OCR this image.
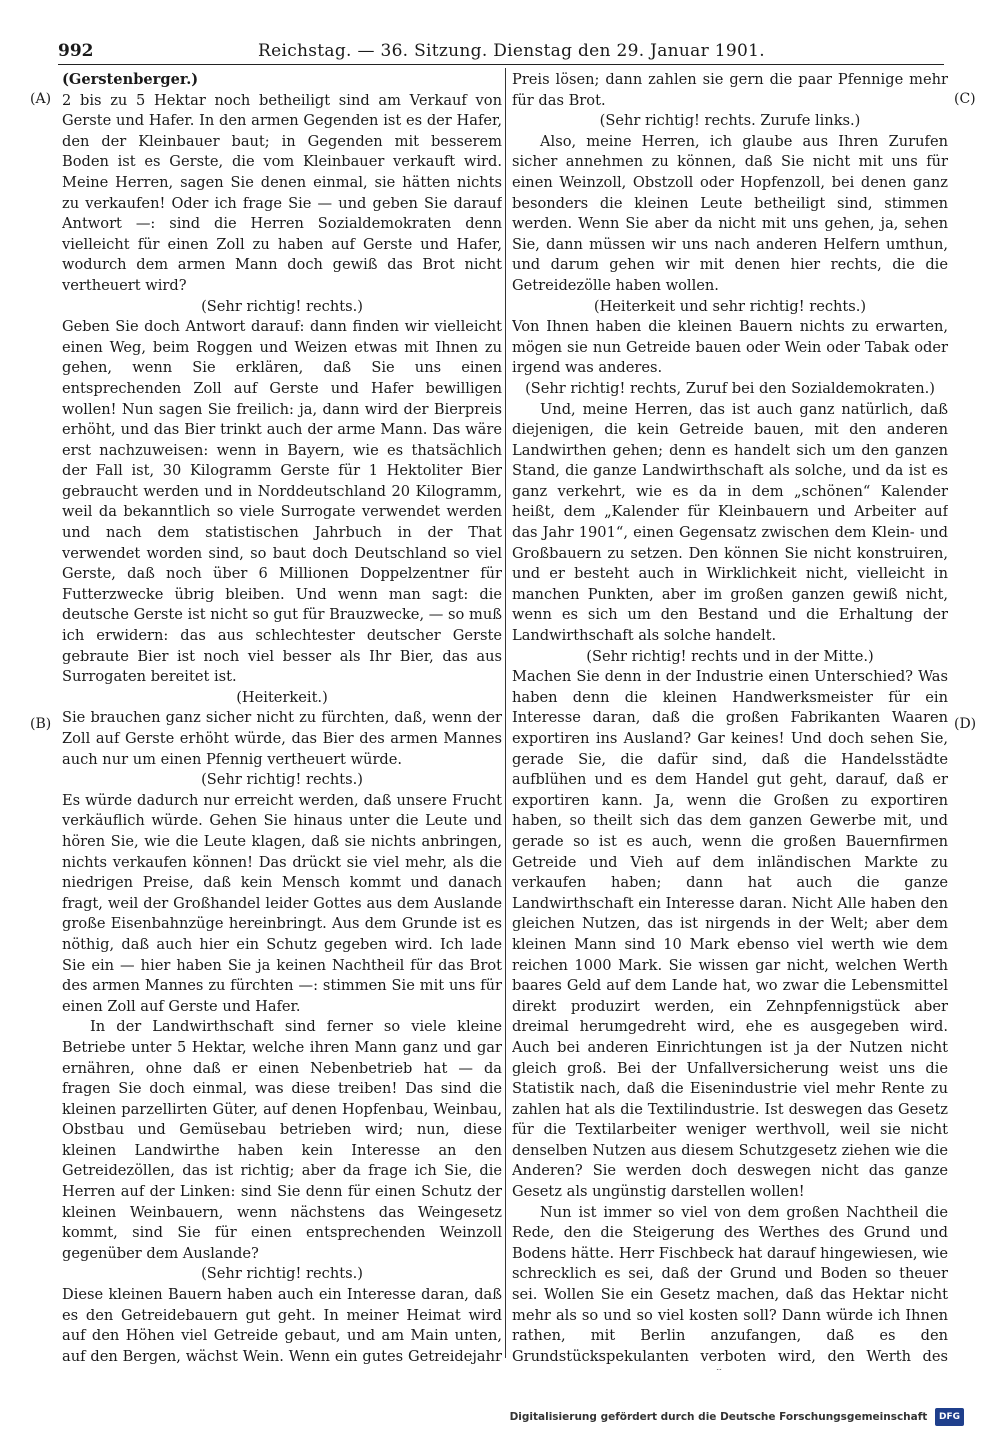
992	Reichstag. — 36. Sitzung. Dienstag den 29. Januar 1901.
(A)
(B)
(C)
(D)

(Gerstenberger.)

2 bis zu 5 Hektar noch betheiligt sind am Verkauf von Gerste und Hafer. In den armen Gegenden ist es der Hafer, den der Kleinbauer baut; in Gegenden mit besserem Boden ist es Gerste, die vom Kleinbauer verkauft wird. Meine Herren, sagen Sie denen einmal, sie hätten nichts zu verkaufen! Oder ich frage Sie — und geben Sie darauf Antwort —: sind die Herren Sozialdemokraten denn vielleicht für einen Zoll zu haben auf Gerste und Hafer, wodurch dem armen Mann doch gewiß das Brot nicht vertheuert wird?

(Sehr richtig! rechts.)

Geben Sie doch Antwort darauf: dann finden wir vielleicht einen Weg, beim Roggen und Weizen etwas mit Ihnen zu gehen, wenn Sie erklären, daß Sie uns einen entsprechenden Zoll auf Gerste und Hafer bewilligen wollen! Nun sagen Sie freilich: ja, dann wird der Bierpreis erhöht, und das Bier trinkt auch der arme Mann. Das wäre erst nachzuweisen: wenn in Bayern, wie es thatsächlich der Fall ist, 30 Kilogramm Gerste für 1 Hektoliter Bier gebraucht werden und in Norddeutschland 20 Kilogramm, weil da bekanntlich so viele Surrogate verwendet werden und nach dem statistischen Jahrbuch in der That verwendet worden sind, so baut doch Deutschland so viel Gerste, daß noch über 6 Millionen Doppelzentner für Futterzwecke übrig bleiben. Und wenn man sagt: die deutsche Gerste ist nicht so gut für Brauzwecke, — so muß ich erwidern: das aus schlechtester deutscher Gerste gebraute Bier ist noch viel besser als Ihr Bier, das aus Surrogaten bereitet ist.

(Heiterkeit.)

Sie brauchen ganz sicher nicht zu fürchten, daß, wenn der Zoll auf Gerste erhöht würde, das Bier des armen Mannes auch nur um einen Pfennig vertheuert würde.

(Sehr richtig! rechts.)

Es würde dadurch nur erreicht werden, daß unsere Frucht verkäuflich würde. Gehen Sie hinaus unter die Leute und hören Sie, wie die Leute klagen, daß sie nichts anbringen, nichts verkaufen können! Das drückt sie viel mehr, als die niedrigen Preise, daß kein Mensch kommt und danach fragt, weil der Großhandel leider Gottes aus dem Auslande große Eisenbahnzüge hereinbringt. Aus dem Grunde ist es nöthig, daß auch hier ein Schutz gegeben wird. Ich lade Sie ein — hier haben Sie ja keinen Nachtheil für das Brot des armen Mannes zu fürchten —: stimmen Sie mit uns für einen Zoll auf Gerste und Hafer.

In der Landwirthschaft sind ferner so viele kleine Betriebe unter 5 Hektar, welche ihren Mann ganz und gar ernähren, ohne daß er einen Nebenbetrieb hat — da fragen Sie doch einmal, was diese treiben! Das sind die kleinen parzellirten Güter, auf denen Hopfenbau, Weinbau, Obstbau und Gemüsebau betrieben wird; nun, diese kleinen Landwirthe haben kein Interesse an den Getreidezöllen, das ist richtig; aber da frage ich Sie, die Herren auf der Linken: sind Sie denn für einen Schutz der kleinen Weinbauern, wenn nächstens das Weingesetz kommt, sind Sie für einen entsprechenden Weinzoll gegenüber dem Auslande?

(Sehr richtig! rechts.)

Diese kleinen Bauern haben auch ein Interesse daran, daß es den Getreidebauern gut geht. In meiner Heimat wird auf den Höhen viel Getreide gebaut, und am Main unten, auf den Bergen, wächst Wein. Wenn ein gutes Getreidejahr

Preis lösen; dann zahlen sie gern die paar Pfennige mehr für das Brot.

(Sehr richtig! rechts. Zurufe links.)

Also, meine Herren, ich glaube aus Ihren Zurufen sicher annehmen zu können, daß Sie nicht mit uns für einen Weinzoll, Obstzoll oder Hopfenzoll, bei denen ganz besonders die kleinen Leute betheiligt sind, stimmen werden. Wenn Sie aber da nicht mit uns gehen, ja, sehen Sie, dann müssen wir uns nach anderen Helfern umthun, und darum gehen wir mit denen hier rechts, die die Getreidezölle haben wollen.

(Heiterkeit und sehr richtig! rechts.)

Von Ihnen haben die kleinen Bauern nichts zu erwarten, mögen sie nun Getreide bauen oder Wein oder Tabak oder irgend was anderes.

(Sehr richtig! rechts, Zuruf bei den Sozialdemokraten.)

Und, meine Herren, das ist auch ganz natürlich, daß diejenigen, die kein Getreide bauen, mit den anderen Landwirthen gehen; denn es handelt sich um den ganzen Stand, die ganze Landwirthschaft als solche, und da ist es ganz verkehrt, wie es da in dem „schönen“ Kalender heißt, dem „Kalender für Kleinbauern und Arbeiter auf das Jahr 1901“, einen Gegensatz zwischen dem Klein- und Großbauern zu setzen. Den können Sie nicht konstruiren, und er besteht auch in Wirklichkeit nicht, vielleicht in manchen Punkten, aber im großen ganzen gewiß nicht, wenn es sich um den Bestand und die Erhaltung der Landwirthschaft als solche handelt.

(Sehr richtig! rechts und in der Mitte.)

Machen Sie denn in der Industrie einen Unterschied? Was haben denn die kleinen Handwerksmeister für ein Interesse daran, daß die großen Fabrikanten Waaren exportiren ins Ausland? Gar keines! Und doch sehen Sie, gerade Sie, die dafür sind, daß die Handelsstädte aufblühen und es dem Handel gut geht, darauf, daß er exportiren kann. Ja, wenn die Großen zu exportiren haben, so theilt sich das dem ganzen Gewerbe mit, und gerade so ist es auch, wenn die großen Bauernfirmen Getreide und Vieh auf dem inländischen Markte zu verkaufen haben; dann hat auch die ganze Landwirthschaft ein Interesse daran. Nicht Alle haben den gleichen Nutzen, das ist nirgends in der Welt; aber dem kleinen Mann sind 10 Mark ebenso viel werth wie dem reichen 1000 Mark. Sie wissen gar nicht, welchen Werth baares Geld auf dem Lande hat, wo zwar die Lebensmittel direkt produzirt werden, ein Zehnpfennigstück aber dreimal herumgedreht wird, ehe es ausgegeben wird. Auch bei anderen Einrichtungen ist ja der Nutzen nicht gleich groß. Bei der Unfallversicherung weist uns die Statistik nach, daß die Eisenindustrie viel mehr Rente zu zahlen hat als die Textilindustrie. Ist deswegen das Gesetz für die Textilarbeiter weniger werthvoll, weil sie nicht denselben Nutzen aus diesem Schutzgesetz ziehen wie die Anderen? Sie werden doch deswegen nicht das ganze Gesetz als ungünstig darstellen wollen!

Nun ist immer so viel von dem großen Nachtheil die Rede, den die Steigerung des Werthes des Grund und Bodens hätte. Herr Fischbeck hat darauf hingewiesen, wie schrecklich es sei, daß der Grund und Boden so theuer sei. Wollen Sie ein Gesetz machen, daß das Hektar nicht mehr als so und so viel kosten soll? Dann würde ich Ihnen rathen, mit Berlin anzufangen, daß es den Grundstückspekulanten verboten wird, den Werth des

Digitalisierung gefördert durch die Deutsche Forschungsgemeinschaft DFG
